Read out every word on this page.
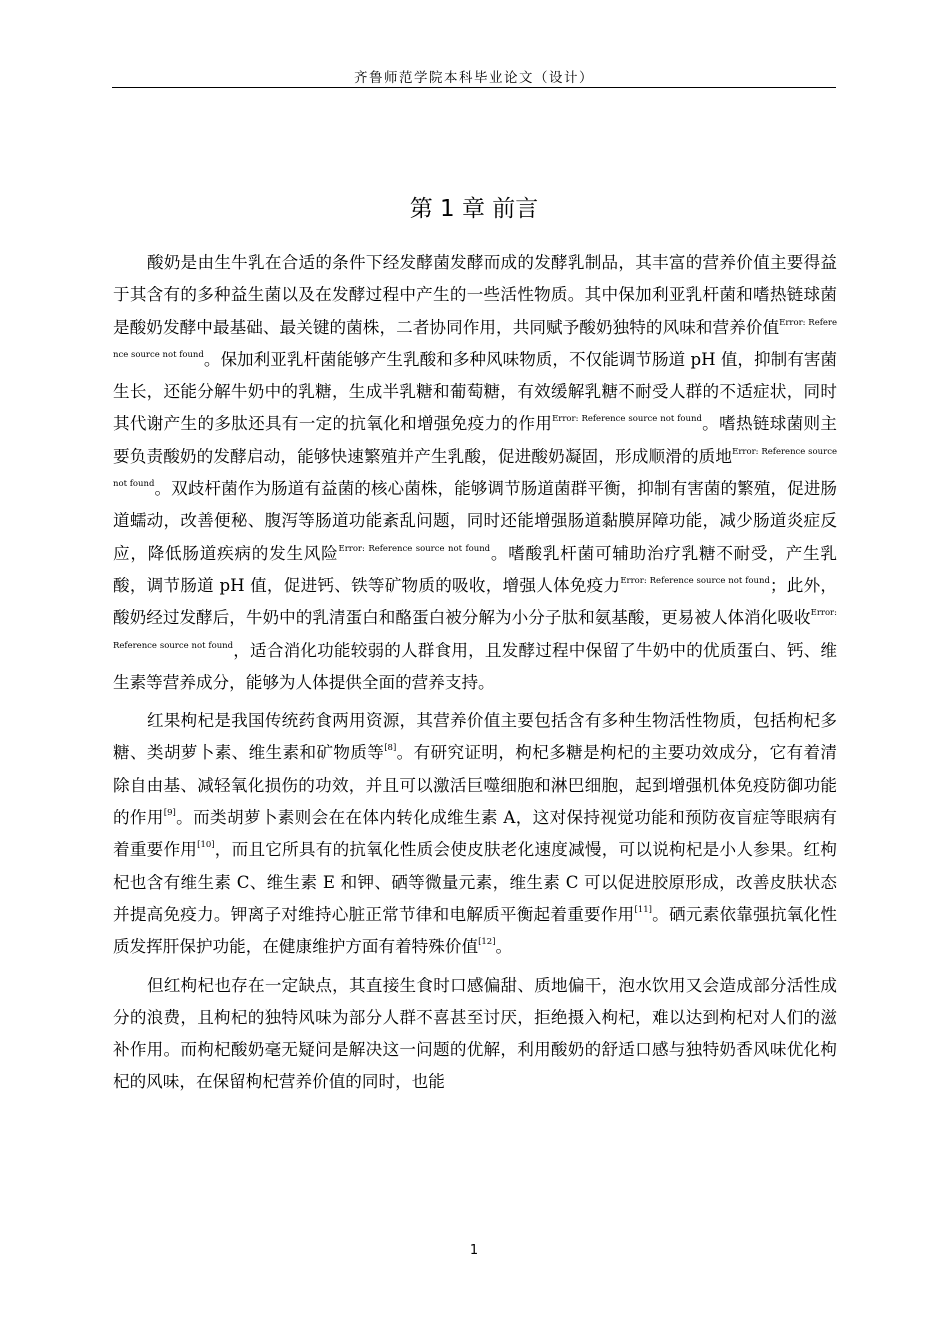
齐鲁师范学院本科毕业论文（设计）
第 1 章 前言

酸奶是由生牛乳在合适的条件下经发酵菌发酵而成的发酵乳制品，其丰富的营养价值主要得益于其含有的多种益生菌以及在发酵过程中产生的一些活性物质。其中保加利亚乳杆菌和嗜热链球菌是酸奶发酵中最基础、最关键的菌株，二者协同作用，共同赋予酸奶独特的风味和营养价值$^{Error: Reference source not found}$。保加利亚乳杆菌能够产生乳酸和多种风味物质，不仅能调节肠道 pH 值，抑制有害菌生长，还能分解牛奶中的乳糖，生成半乳糖和葡萄糖，有效缓解乳糖不耐受人群的不适症状，同时其代谢产生的多肽还具有一定的抗氧化和增强免疫力的作用$^{Error: Reference source not found}$。嗜热链球菌则主要负责酸奶的发酵启动，能够快速繁殖并产生乳酸，促进酸奶凝固，形成顺滑的质地$^{Error: Reference source not found}$。双歧杆菌作为肠道有益菌的核心菌株，能够调节肠道菌群平衡，抑制有害菌的繁殖，促进肠道蠕动，改善便秘、腹泻等肠道功能紊乱问题，同时还能增强肠道黏膜屏障功能，减少肠道炎症反应，降低肠道疾病的发生风险$^{Error: Reference source not found}$。嗜酸乳杆菌可辅助治疗乳糖不耐受，产生乳酸，调节肠道 pH 值，促进钙、铁等矿物质的吸收，增强人体免疫力$^{Error: Reference source not found}$；此外，酸奶经过发酵后，牛奶中的乳清蛋白和酪蛋白被分解为小分子肽和氨基酸，更易被人体消化吸收$^{Error: Reference source not found}$，适合消化功能较弱的人群食用，且发酵过程中保留了牛奶中的优质蛋白、钙、维生素等营养成分，能够为人体提供全面的营养支持。

红果枸杞是我国传统药食两用资源，其营养价值主要包括含有多种生物活性物质，包括枸杞多糖、类胡萝卜素、维生素和矿物质等[8]。有研究证明，枸杞多糖是枸杞的主要功效成分，它有着清除自由基、减轻氧化损伤的功效，并且可以激活巨噬细胞和淋巴细胞，起到增强机体免疫防御功能的作用[9]。而类胡萝卜素则会在在体内转化成维生素 A，这对保持视觉功能和预防夜盲症等眼病有着重要作用[10]，而且它所具有的抗氧化性质会使皮肤老化速度减慢，可以说枸杞是小人参果。红枸杞也含有维生素 C、维生素 E 和钾、硒等微量元素，维生素 C 可以促进胶原形成，改善皮肤状态并提高免疫力。钾离子对维持心脏正常节律和电解质平衡起着重要作用[11]。硒元素依靠强抗氧化性质发挥肝保护功能，在健康维护方面有着特殊价值[12]。

但红枸杞也存在一定缺点，其直接生食时口感偏甜、质地偏干，泡水饮用又会造成部分活性成分的浪费，且枸杞的独特风味为部分人群不喜甚至讨厌，拒绝摄入枸杞，难以达到枸杞对人们的滋补作用。而枸杞酸奶毫无疑问是解决这一问题的优解，利用酸奶的舒适口感与独特奶香风味优化枸杞的风味，在保留枸杞营养价值的同时，也能

1
